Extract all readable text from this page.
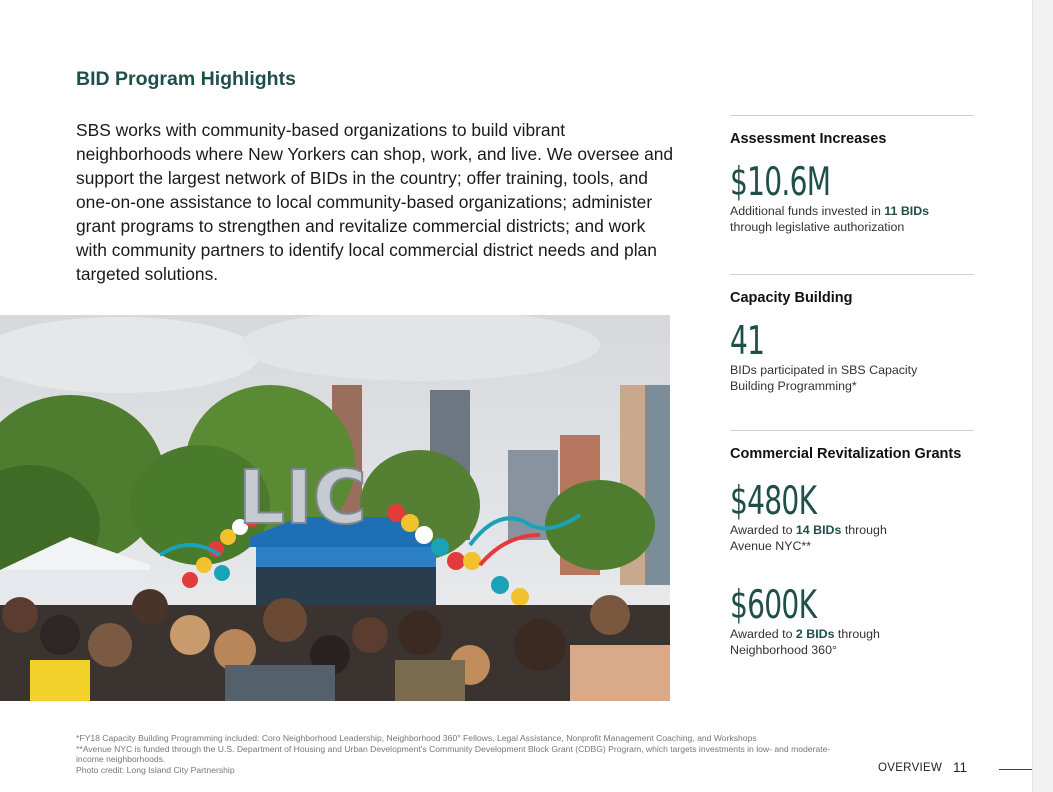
BID Program Highlights

SBS works with community-based organizations to build vibrant neighborhoods where New Yorkers can shop, work, and live. We oversee and support the largest network of BIDs in the country; offer training, tools, and one-on-one assistance to local community-based organizations; administer grant programs to strengthen and revitalize commercial districts; and work with community partners to identify local commercial district needs and plan targeted solutions.

LIC
Assessment Increases
$10.6M
Additional funds invested in 11 BIDs through legislative authorization
Capacity Building
41
BIDs participated in SBS Capacity Building Programming*
Commercial Revitalization Grants
$480K
Awarded to 14 BIDs through Avenue NYC**
$600K
Awarded to 2 BIDs through Neighborhood 360°
*FY18 Capacity Building Programming included: Coro Neighborhood Leadership, Neighborhood 360° Fellows, Legal Assistance, Nonprofit Management Coaching, and Workshops
**Avenue NYC is funded through the U.S. Department of Housing and Urban Development's Community Development Block Grant (CDBG) Program, which targets investments in low- and moderate-income neighborhoods.
Photo credit: Long Island City Partnership	OVERVIEW 11
